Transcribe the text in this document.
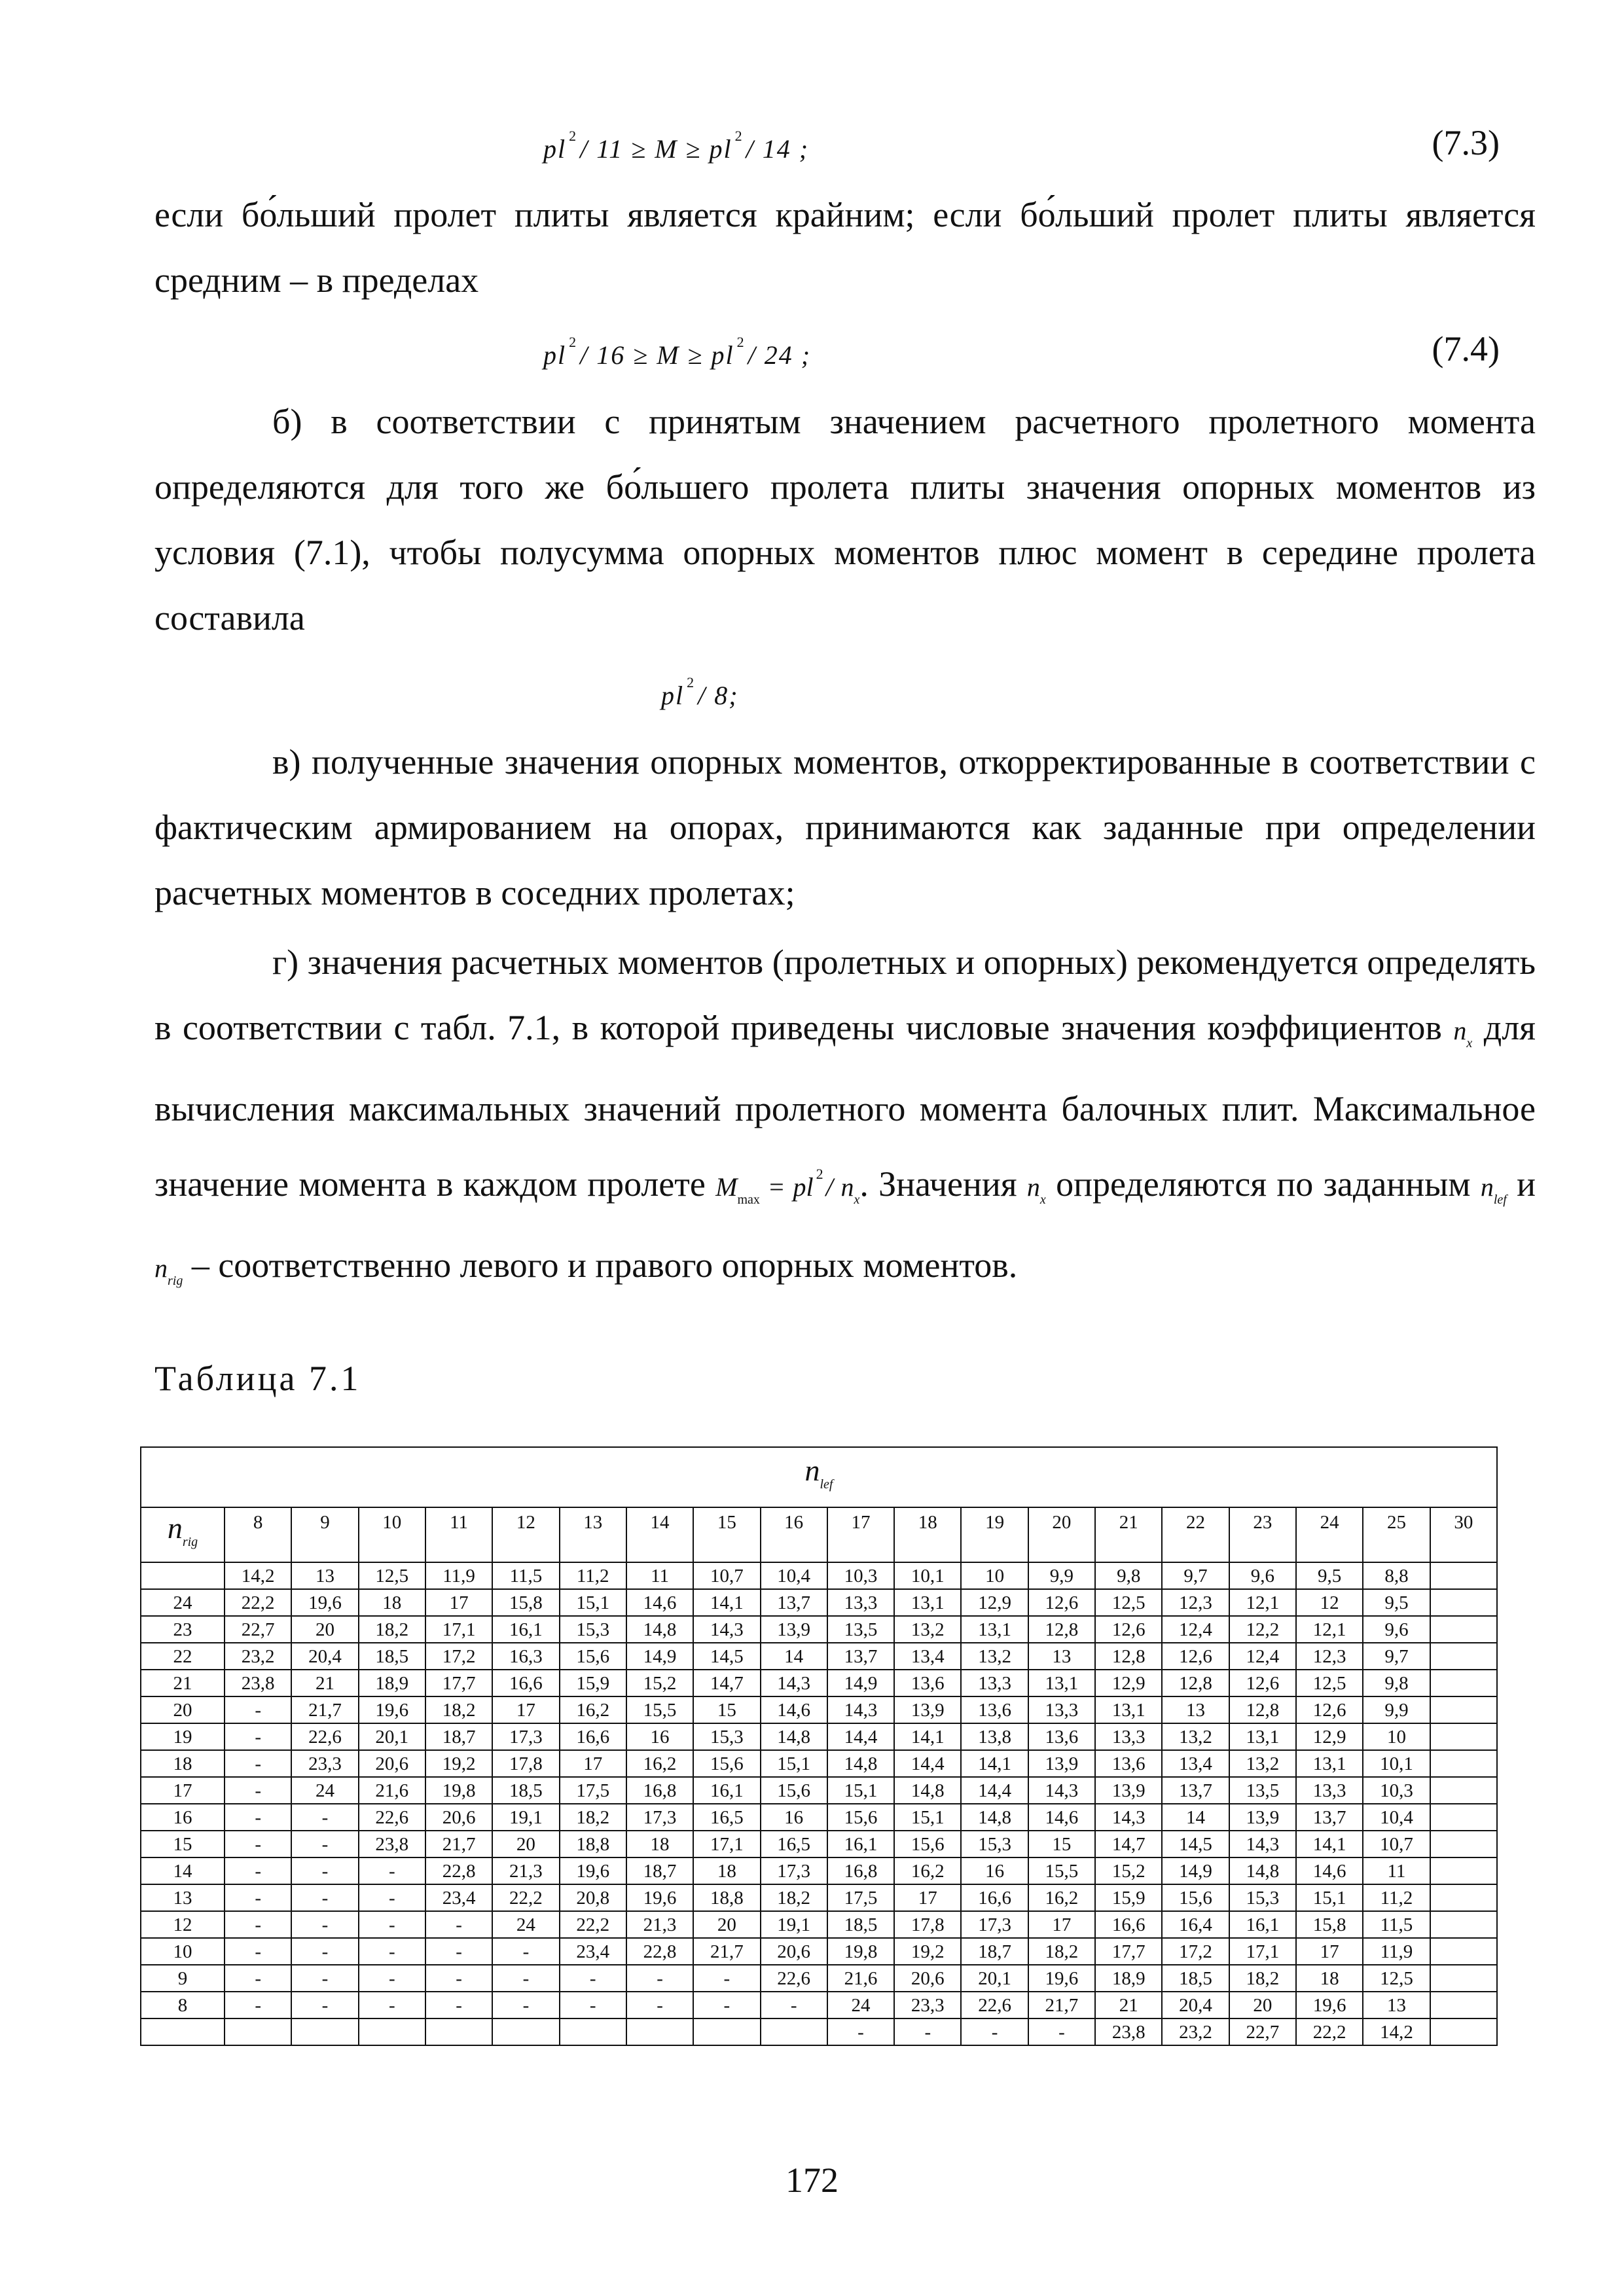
pl $^2$ / 11 ≥ M ≥ pl $^2$ / 14 ;	(7.3)

если бо́льший пролет плиты является крайним; если бо́льший пролет плиты является средним – в пределах

pl $^2$ / 16 ≥ M ≥ pl $^2$ / 24 ;	(7.4)

б) в соответствии с принятым значением расчетного пролетного момента определяются для того же бо́льшего пролета плиты значения опорных моментов из условия (7.1), чтобы полусумма опорных моментов плюс момент в середине пролета составила

pl $^2$ / 8;

в) полученные значения опорных моментов, откорректированные в соответствии с фактическим армированием на опорах, принимаются как заданные при определении расчетных моментов в соседних пролетах;

г) значения расчетных моментов (пролетных и опорных) рекомендуется определять в соответствии с табл. 7.1, в которой приведены числовые значения коэффициентов $n_x$ для вычисления максимальных значений пролетного момента балочных плит. Максимальное значение момента в каждом пролете $M_{max}$ = pl $^2 / n_x$. Значения $n_x$ определяются по заданным $n_{lef}$ и $n_{rig}$ – соответственно левого и правого опорных моментов.

Таблица 7.1

$n_{lef}$
$n_{rig}$	8	9	10	11	12	13	14	15	16	17	18	19	20	21	22	23	24	25	30
	14,2	13	12,5	11,9	11,5	11,2	11	10,7	10,4	10,3	10,1	10	9,9	9,8	9,7	9,6	9,5	8,8	
24	22,2	19,6	18	17	15,8	15,1	14,6	14,1	13,7	13,3	13,1	12,9	12,6	12,5	12,3	12,1	12	9,5	
23	22,7	20	18,2	17,1	16,1	15,3	14,8	14,3	13,9	13,5	13,2	13,1	12,8	12,6	12,4	12,2	12,1	9,6	
22	23,2	20,4	18,5	17,2	16,3	15,6	14,9	14,5	14	13,7	13,4	13,2	13	12,8	12,6	12,4	12,3	9,7	
21	23,8	21	18,9	17,7	16,6	15,9	15,2	14,7	14,3	14,9	13,6	13,3	13,1	12,9	12,8	12,6	12,5	9,8	
20	-	21,7	19,6	18,2	17	16,2	15,5	15	14,6	14,3	13,9	13,6	13,3	13,1	13	12,8	12,6	9,9	
19	-	22,6	20,1	18,7	17,3	16,6	16	15,3	14,8	14,4	14,1	13,8	13,6	13,3	13,2	13,1	12,9	10	
18	-	23,3	20,6	19,2	17,8	17	16,2	15,6	15,1	14,8	14,4	14,1	13,9	13,6	13,4	13,2	13,1	10,1	
17	-	24	21,6	19,8	18,5	17,5	16,8	16,1	15,6	15,1	14,8	14,4	14,3	13,9	13,7	13,5	13,3	10,3	
16	-	-	22,6	20,6	19,1	18,2	17,3	16,5	16	15,6	15,1	14,8	14,6	14,3	14	13,9	13,7	10,4	
15	-	-	23,8	21,7	20	18,8	18	17,1	16,5	16,1	15,6	15,3	15	14,7	14,5	14,3	14,1	10,7	
14	-	-	-	22,8	21,3	19,6	18,7	18	17,3	16,8	16,2	16	15,5	15,2	14,9	14,8	14,6	11	
13	-	-	-	23,4	22,2	20,8	19,6	18,8	18,2	17,5	17	16,6	16,2	15,9	15,6	15,3	15,1	11,2	
12	-	-	-	-	24	22,2	21,3	20	19,1	18,5	17,8	17,3	17	16,6	16,4	16,1	15,8	11,5	
10	-	-	-	-	-	23,4	22,8	21,7	20,6	19,8	19,2	18,7	18,2	17,7	17,2	17,1	17	11,9	
9	-	-	-	-	-	-	-	-	22,6	21,6	20,6	20,1	19,6	18,9	18,5	18,2	18	12,5	
8	-	-	-	-	-	-	-	-	-	24	23,3	22,6	21,7	21	20,4	20	19,6	13	
										-	-	-	-	23,8	23,2	22,7	22,2	14,2	
172
